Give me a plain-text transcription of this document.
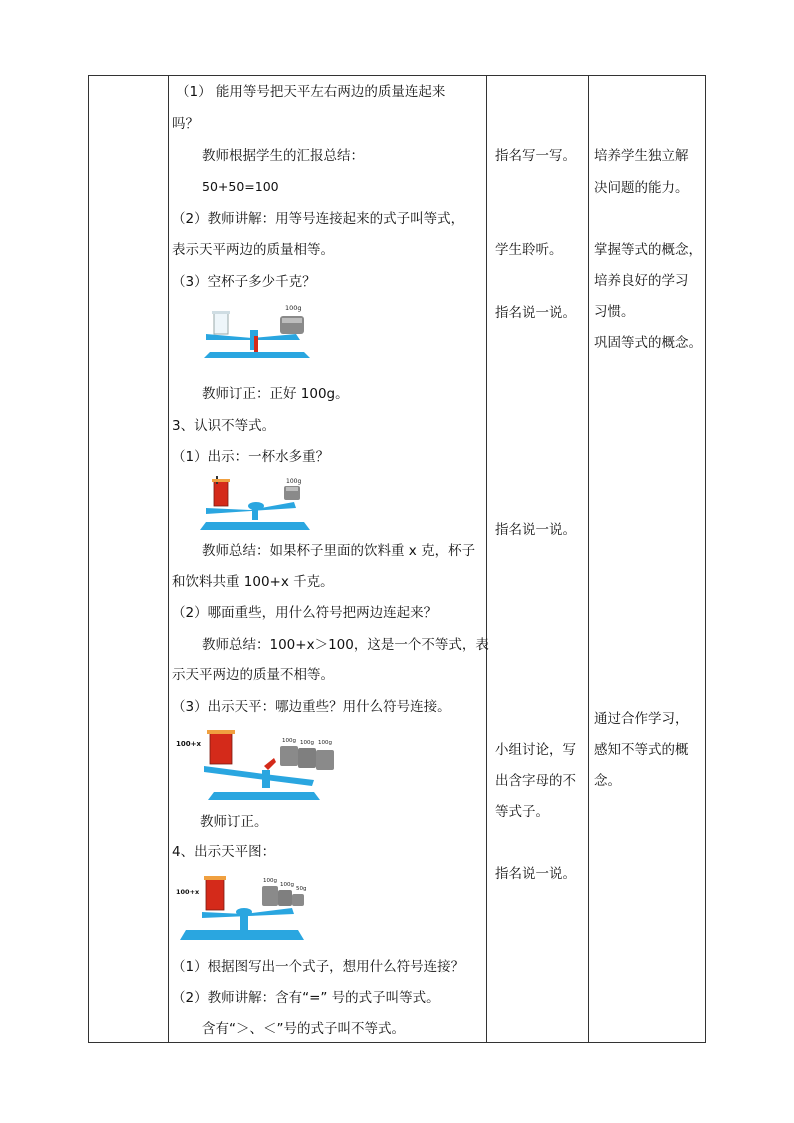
（1） 能用等号把天平左右两边的质量连起来
吗？
教师根据学生的汇报总结：
50+50=100
（2）教师讲解：用等号连接起来的式子叫等式，
表示天平两边的质量相等。
（3）空杯子多少千克？
100g
教师订正：正好 100g。
3、认识不等式。
（1）出示：一杯水多重？
100g
教师总结：如果杯子里面的饮料重 x 克，杯子
和饮料共重 100+x 千克。
（2）哪面重些，用什么符号把两边连起来？
教师总结：100+x＞100，这是一个不等式，表
示天平两边的质量不相等。
（3）出示天平：哪边重些？用什么符号连接。
100+x	100g 100g 100g
教师订正。
4、出示天平图：
100+x
100g
100g
50g
（1）根据图写出一个式子，想用什么符号连接？
（2）教师讲解：含有“=” 号的式子叫等式。
含有“＞、＜”号的式子叫不等式。
指名写一写。
学生聆听。
指名说一说。
指名说一说。
小组讨论，写
出含字母的不
等式子。
指名说一说。
培养学生独立解
决问题的能力。
掌握等式的概念，
培养良好的学习
习惯。
巩固等式的概念。
通过合作学习，
感知不等式的概
念。
